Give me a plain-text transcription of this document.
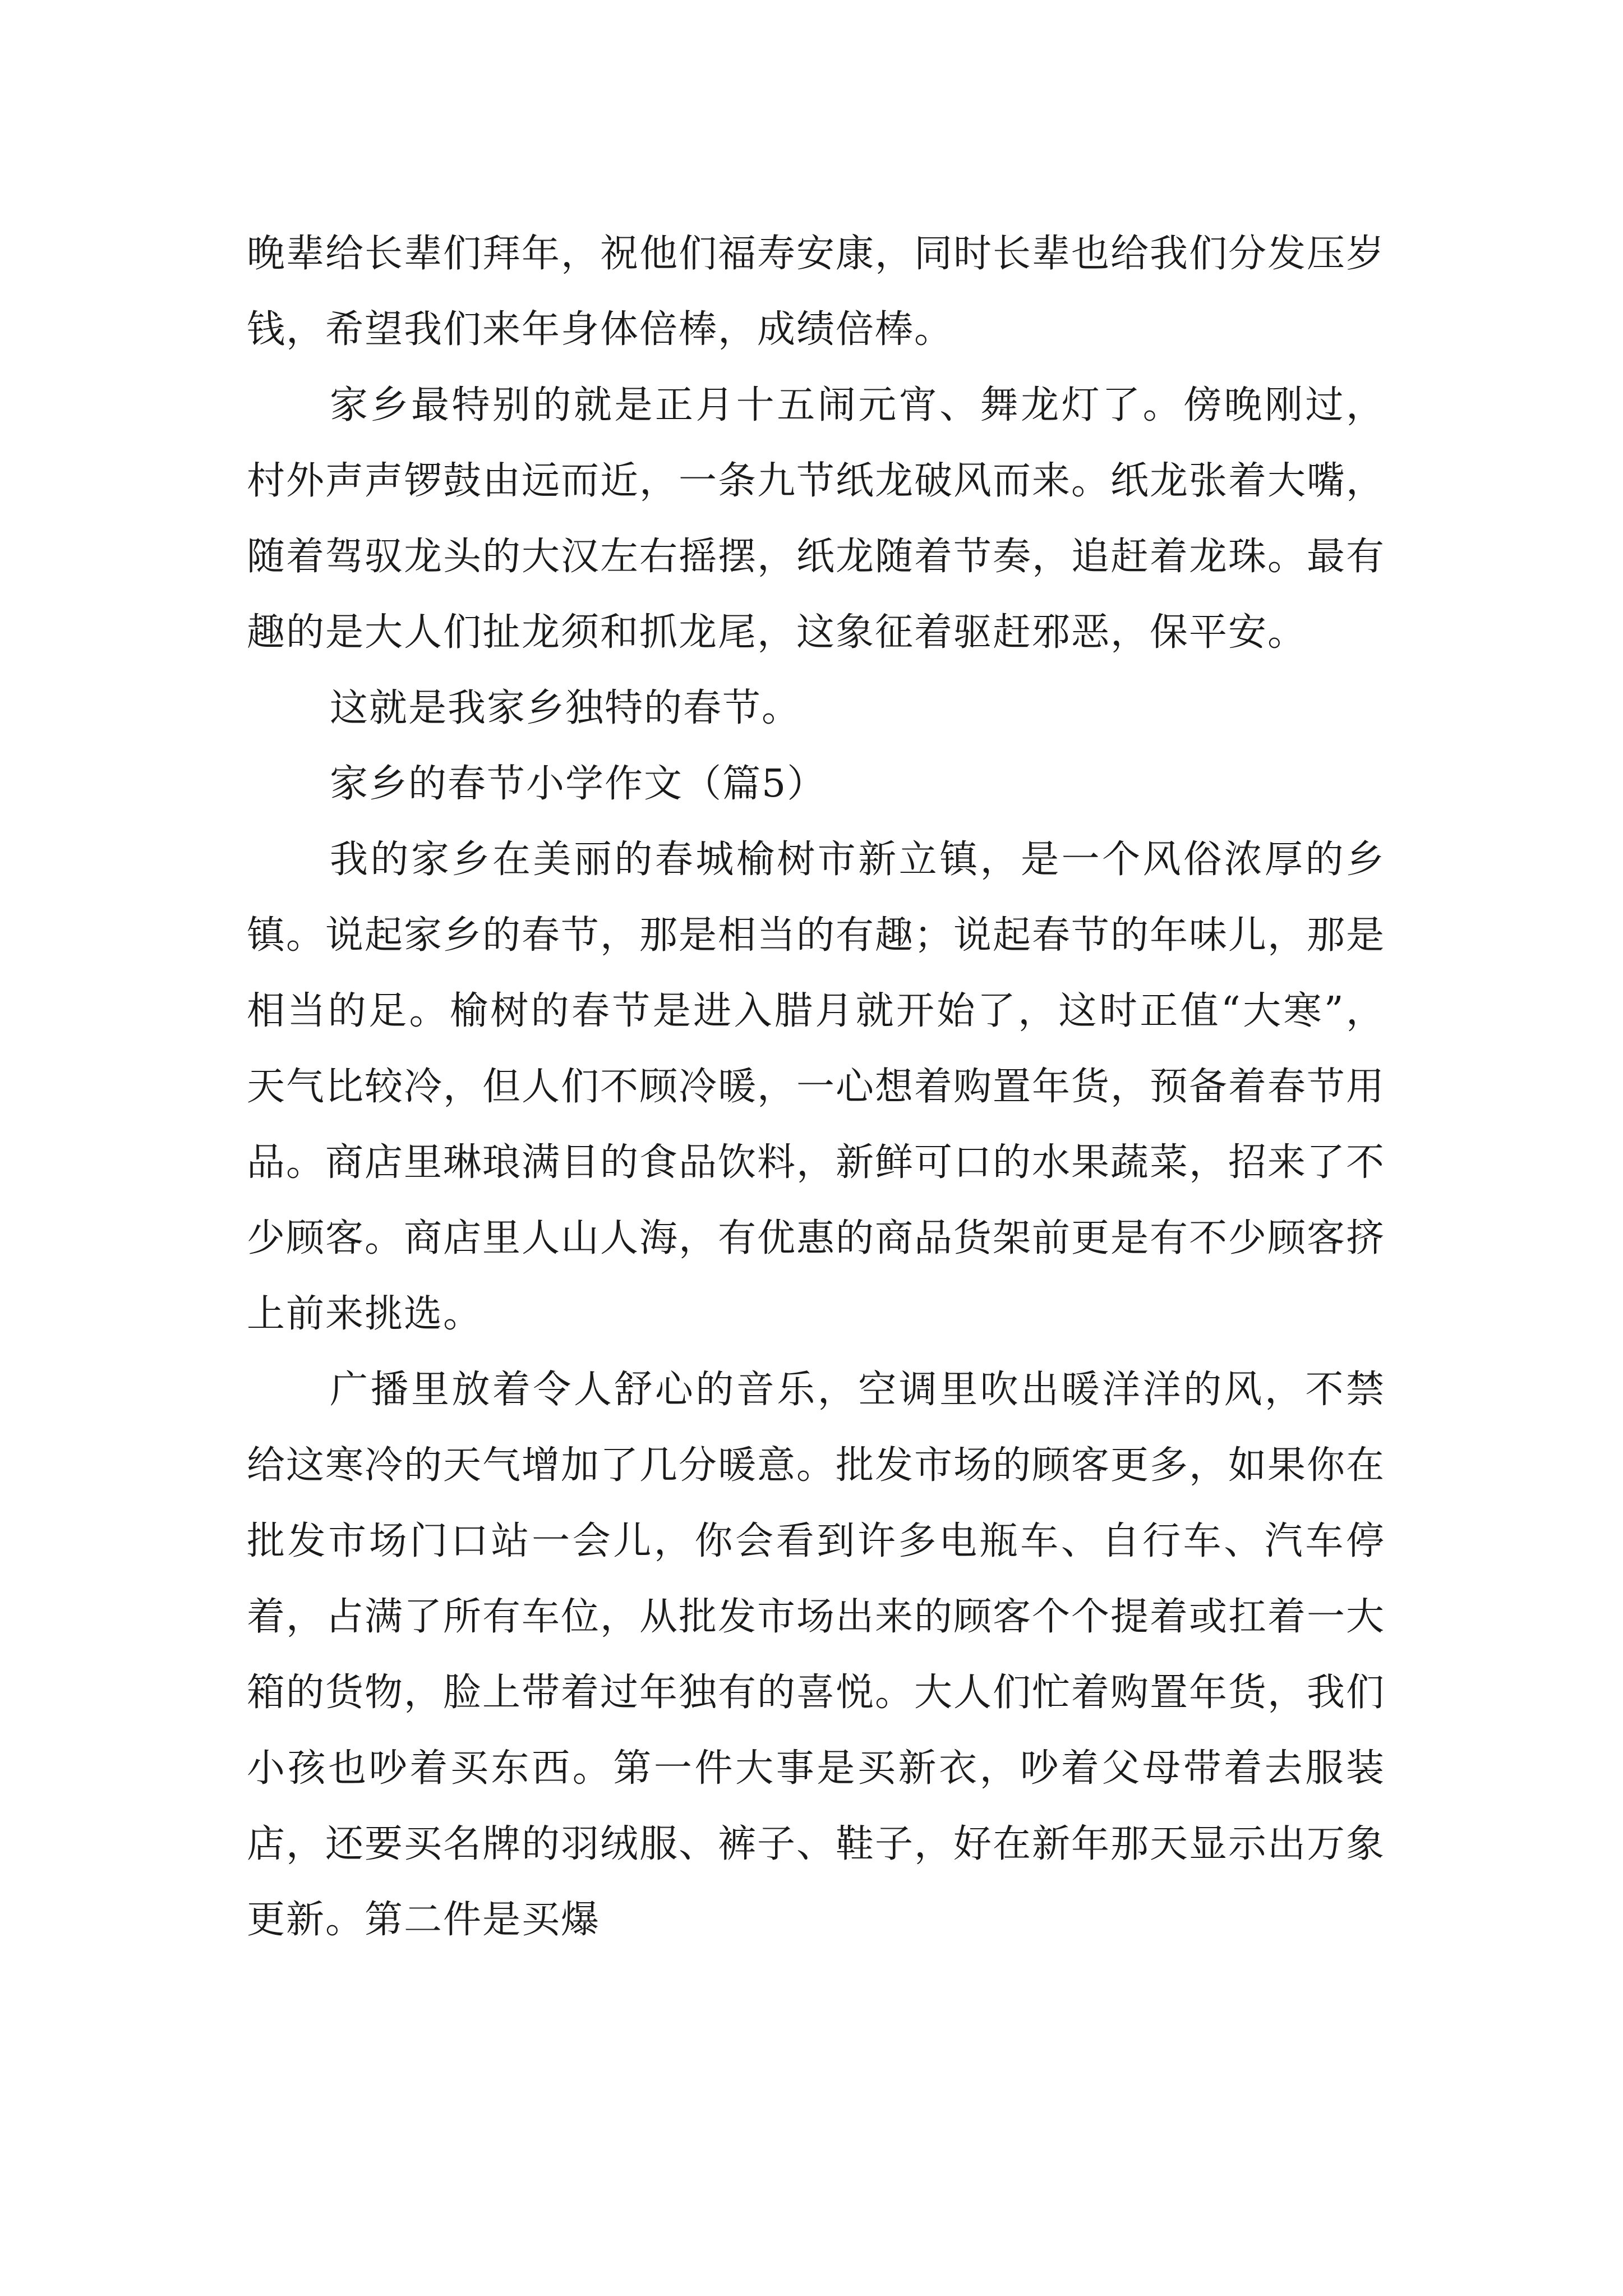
晚辈给长辈们拜年，祝他们福寿安康，同时长辈也给我们分发压岁钱，希望我们来年身体倍棒，成绩倍棒。

家乡最特别的就是正月十五闹元宵、舞龙灯了。傍晚刚过，村外声声锣鼓由远而近，一条九节纸龙破风而来。纸龙张着大嘴，随着驾驭龙头的大汉左右摇摆，纸龙随着节奏，追赶着龙珠。最有趣的是大人们扯龙须和抓龙尾，这象征着驱赶邪恶，保平安。

这就是我家乡独特的春节。

家乡的春节小学作文（篇5）

我的家乡在美丽的春城榆树市新立镇，是一个风俗浓厚的乡镇。说起家乡的春节，那是相当的有趣；说起春节的年味儿，那是相当的足。榆树的春节是进入腊月就开始了，这时正值“大寒”，天气比较冷，但人们不顾冷暖，一心想着购置年货，预备着春节用品。商店里琳琅满目的食品饮料，新鲜可口的水果蔬菜，招来了不少顾客。商店里人山人海，有优惠的商品货架前更是有不少顾客挤上前来挑选。

广播里放着令人舒心的音乐，空调里吹出暖洋洋的风，不禁给这寒冷的天气增加了几分暖意。批发市场的顾客更多，如果你在批发市场门口站一会儿，你会看到许多电瓶车、自行车、汽车停着，占满了所有车位，从批发市场出来的顾客个个提着或扛着一大箱的货物，脸上带着过年独有的喜悦。大人们忙着购置年货，我们小孩也吵着买东西。第一件大事是买新衣，吵着父母带着去服装店，还要买名牌的羽绒服、裤子、鞋子，好在新年那天显示出万象更新。第二件是买爆
